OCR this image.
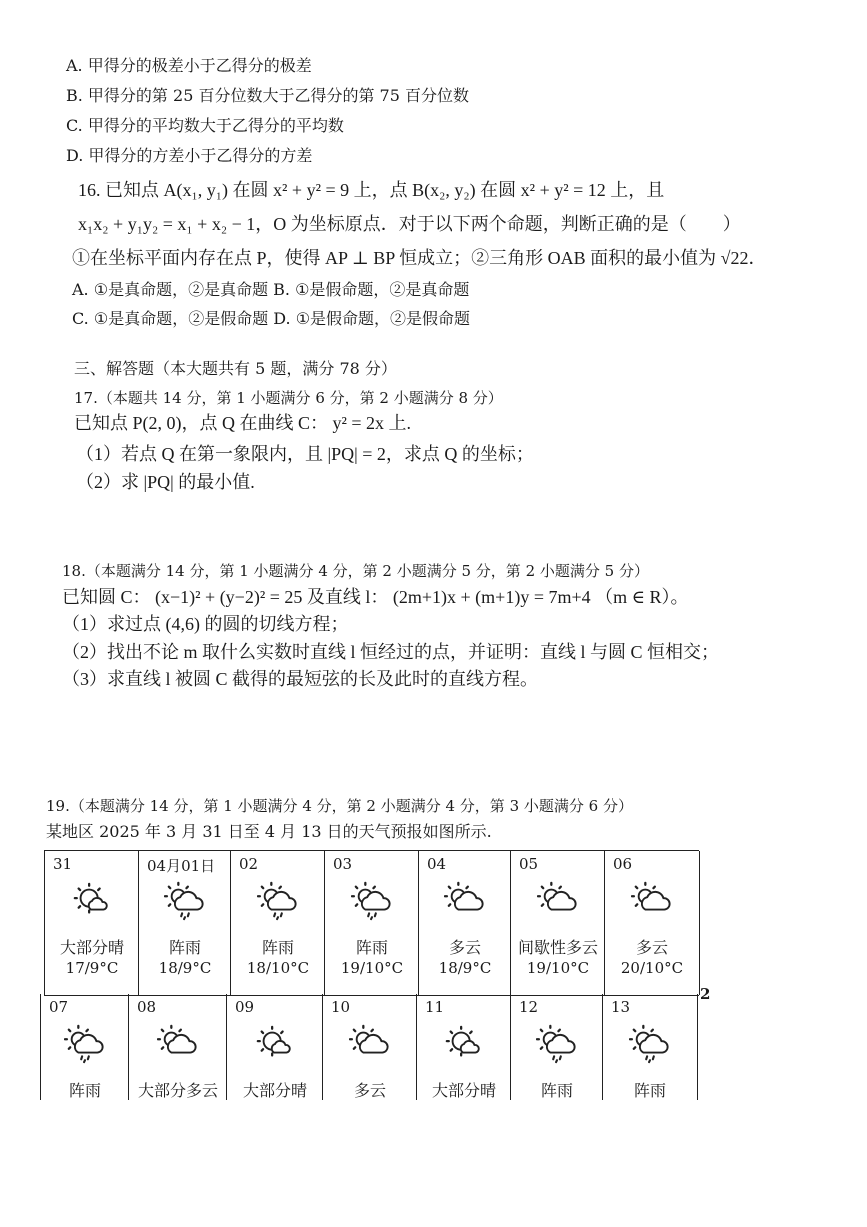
A. 甲得分的极差小于乙得分的极差
B. 甲得分的第 25 百分位数大于乙得分的第 75 百分位数
C. 甲得分的平均数大于乙得分的平均数
D. 甲得分的方差小于乙得分的方差
16. 已知点 A(x₁, y₁) 在圆 x² + y² = 9 上，点 B(x₂, y₂) 在圆 x² + y² = 12 上，且
x₁x₂ + y₁y₂ = x₁ + x₂ − 1，O 为坐标原点．对于以下两个命题，判断正确的是（　　）
①在坐标平面内存在点 P，使得 AP ⊥ BP 恒成立；②三角形 OAB 面积的最小值为 √22．
A. ①是真命题，②是真命题 B. ①是假命题，②是真命题
C. ①是真命题，②是假命题 D. ①是假命题，②是假命题
三、解答题（本大题共有 5 题，满分 78 分）
17.（本题共 14 分，第 1 小题满分 6 分，第 2 小题满分 8 分）
已知点 P(2, 0)，点 Q 在曲线 C： y² = 2x 上.
（1）若点 Q 在第一象限内，且 |PQ| = 2，求点 Q 的坐标；
（2）求 |PQ| 的最小值.
18.（本题满分 14 分，第 1 小题满分 4 分，第 2 小题满分 5 分，第 2 小题满分 5 分）
已知圆 C： (x−1)² + (y−2)² = 25 及直线 l： (2m+1)x + (m+1)y = 7m+4 （m ∈ R）。
（1）求过点 (4,6) 的圆的切线方程；
（2）找出不论 m 取什么实数时直线 l 恒经过的点，并证明：直线 l 与圆 C 恒相交；
（3）求直线 l 被圆 C 截得的最短弦的长及此时的直线方程。
19.（本题满分 14 分，第 1 小题满分 4 分，第 2 小题满分 4 分，第 3 小题满分 6 分）
某地区 2025 年 3 月 31 日至 4 月 13 日的天气预报如图所示.
31
大部分晴
17/9°C
04月01日
阵雨
18/9°C
02
阵雨
18/10°C
03
阵雨
19/10°C
04
多云
18/9°C
05
间歇性多云
19/10°C
06
多云
20/10°C
07
阵雨
08
大部分多云
09
大部分晴
10
多云
11
大部分晴
12
阵雨
13
阵雨
2
